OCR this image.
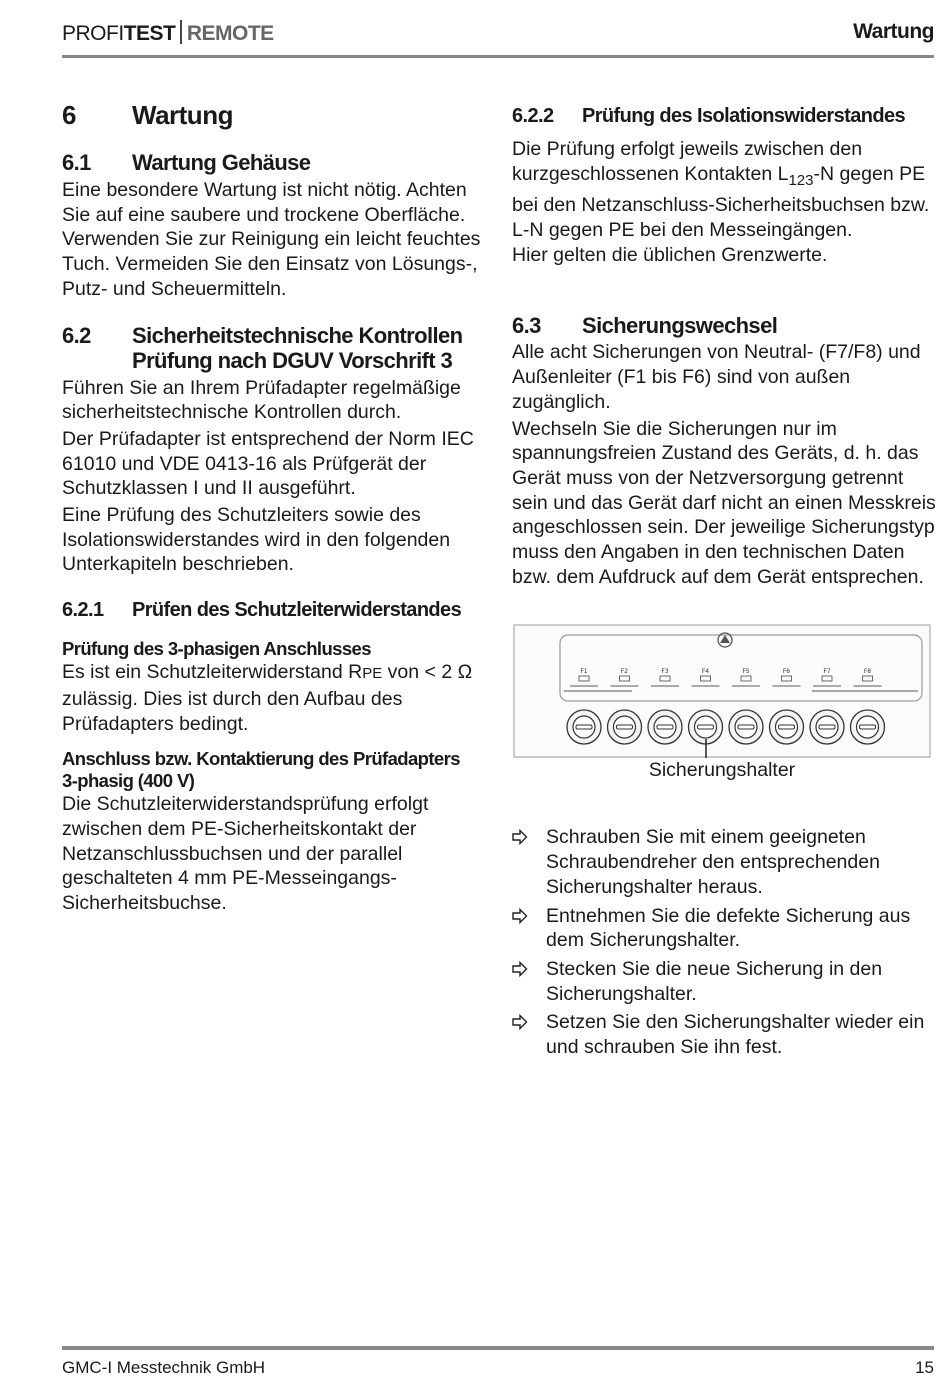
PROFITEST REMOTE	Wartung
6 Wartung
6.1 Wartung Gehäuse

Eine besondere Wartung ist nicht nötig. Achten Sie auf eine saubere und trockene Oberfläche. Verwenden Sie zur Reinigung ein leicht feuchtes Tuch. Vermeiden Sie den Einsatz von Lösungs-, Putz- und Scheuermitteln.

6.2 Sicherheitstechnische Kontrollen
Prüfung nach DGUV Vorschrift 3

Führen Sie an Ihrem Prüfadapter regelmäßige sicherheitstechnische Kontrollen durch.

Der Prüfadapter ist entsprechend der Norm IEC 61010 und VDE 0413-16 als Prüfgerät der Schutzklassen I und II ausgeführt.

Eine Prüfung des Schutzleiters sowie des Isolationswiderstandes wird in den folgenden Unterkapiteln beschrieben.

6.2.1 Prüfen des Schutzleiterwiderstandes
Prüfung des 3-phasigen Anschlusses

Es ist ein Schutzleiterwiderstand RPE von < 2 Ω zulässig. Dies ist durch den Aufbau des Prüfadapters bedingt.

Anschluss bzw. Kontaktierung des Prüfadapters
3-phasig (400 V)

Die Schutzleiterwiderstandsprüfung erfolgt zwischen dem PE-Sicherheitskontakt der Netzanschlussbuchsen und der parallel geschalteten 4 mm PE-Messeingangs-Sicherheitsbuchse.

6.2.2 Prüfung des Isolationswiderstandes

Die Prüfung erfolgt jeweils zwischen den kurzgeschlossenen Kontakten $L_{123}-N$ gegen PE bei den Netzanschluss-Sicherheitsbuchsen bzw. L-N gegen PE bei den Messeingängen.

Hier gelten die üblichen Grenzwerte.

6.3 Sicherungswechsel

Alle acht Sicherungen von Neutral- (F7/F8) und Außenleiter (F1 bis F6) sind von außen zugänglich.

Wechseln Sie die Sicherungen nur im spannungsfreien Zustand des Geräts, d. h. das Gerät muss von der Netzversorgung getrennt sein und das Gerät darf nicht an einen Messkreis angeschlossen sein. Der jeweilige Sicherungstyp muss den Angaben in den technischen Daten bzw. dem Aufdruck auf dem Gerät entsprechen.

F1	F2	F3	F4	F5	F6	F7	F8
Sicherungshalter
Schrauben Sie mit einem geeigneten Schraubendreher den entsprechenden Sicherungshalter heraus.
Entnehmen Sie die defekte Sicherung aus dem Sicherungshalter.
Stecken Sie die neue Sicherung in den Sicherungshalter.
Setzen Sie den Sicherungshalter wieder ein und schrauben Sie ihn fest.
GMC-I Messtechnik GmbH	15
